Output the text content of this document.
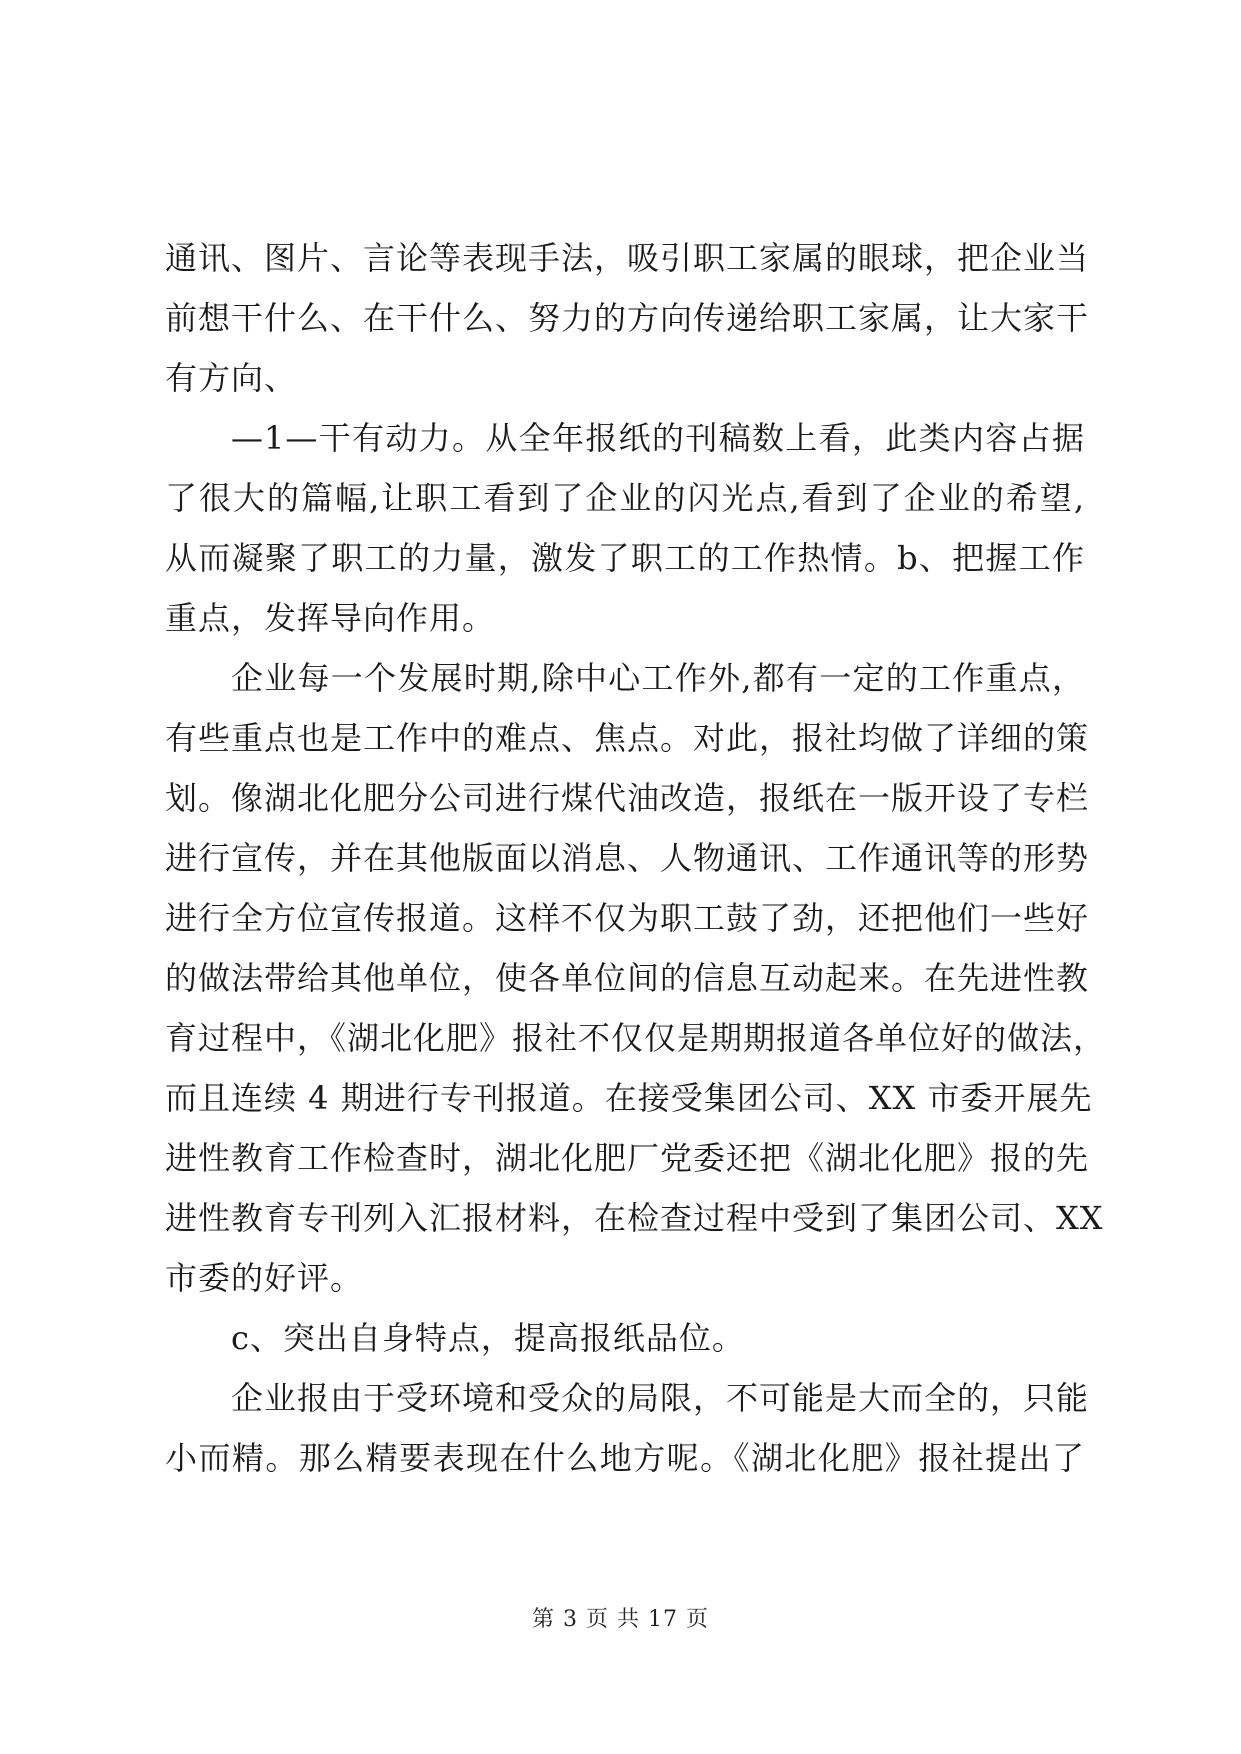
通讯、图片、言论等表现手法，吸引职工家属的眼球，把企业当
前想干什么、在干什么、努力的方向传递给职工家属，让大家干
有方向、
—1—干有动力。从全年报纸的刊稿数上看，此类内容占据
了很大的篇幅,让职工看到了企业的闪光点,看到了企业的希望,
从而凝聚了职工的力量，激发了职工的工作热情。b、把握工作
重点，发挥导向作用。
企业每一个发展时期,除中心工作外,都有一定的工作重点，
有些重点也是工作中的难点、焦点。对此，报社均做了详细的策
划。像湖北化肥分公司进行煤代油改造，报纸在一版开设了专栏
进行宣传，并在其他版面以消息、人物通讯、工作通讯等的形势
进行全方位宣传报道。这样不仅为职工鼓了劲，还把他们一些好
的做法带给其他单位，使各单位间的信息互动起来。在先进性教
育过程中，《湖北化肥》报社不仅仅是期期报道各单位好的做法，
而且连续 4 期进行专刊报道。在接受集团公司、XX 市委开展先
进性教育工作检查时，湖北化肥厂党委还把《湖北化肥》报的先
进性教育专刊列入汇报材料，在检查过程中受到了集团公司、XX
市委的好评。
c、突出自身特点，提高报纸品位。
企业报由于受环境和受众的局限，不可能是大而全的，只能
小而精。那么精要表现在什么地方呢。《湖北化肥》报社提出了
第 3 页 共 17 页
